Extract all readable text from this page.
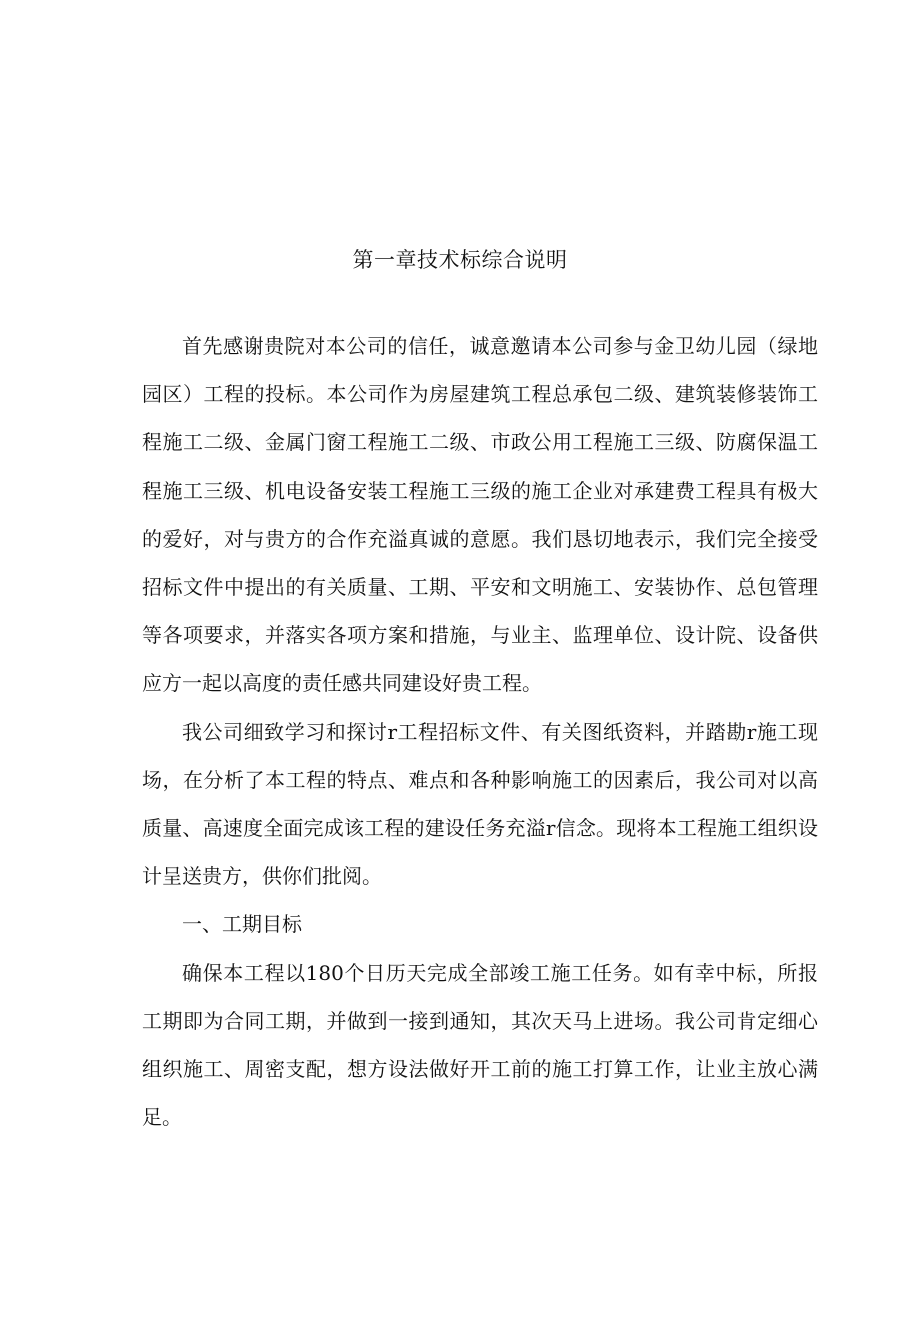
第一章技术标综合说明

首先感谢贵院对本公司的信任，诚意邀请本公司参与金卫幼儿园（绿地园区）工程的投标。本公司作为房屋建筑工程总承包二级、建筑装修装饰工程施工二级、金属门窗工程施工二级、市政公用工程施工三级、防腐保温工程施工三级、机电设备安装工程施工三级的施工企业对承建费工程具有极大的爱好，对与贵方的合作充溢真诚的意愿。我们恳切地表示，我们完全接受招标文件中提出的有关质量、工期、平安和文明施工、安装协作、总包管理等各项要求，并落实各项方案和措施，与业主、监理单位、设计院、设备供应方一起以高度的责任感共同建设好贵工程。

我公司细致学习和探讨r工程招标文件、有关图纸资料，并踏勘r施工现场，在分析了本工程的特点、难点和各种影响施工的因素后，我公司对以高质量、高速度全面完成该工程的建设任务充溢r信念。现将本工程施工组织设计呈送贵方，供你们批阅。

一、工期目标

确保本工程以180个日历天完成全部竣工施工任务。如有幸中标，所报工期即为合同工期，并做到一接到通知，其次天马上进场。我公司肯定细心组织施工、周密支配，想方设法做好开工前的施工打算工作，让业主放心满足。
